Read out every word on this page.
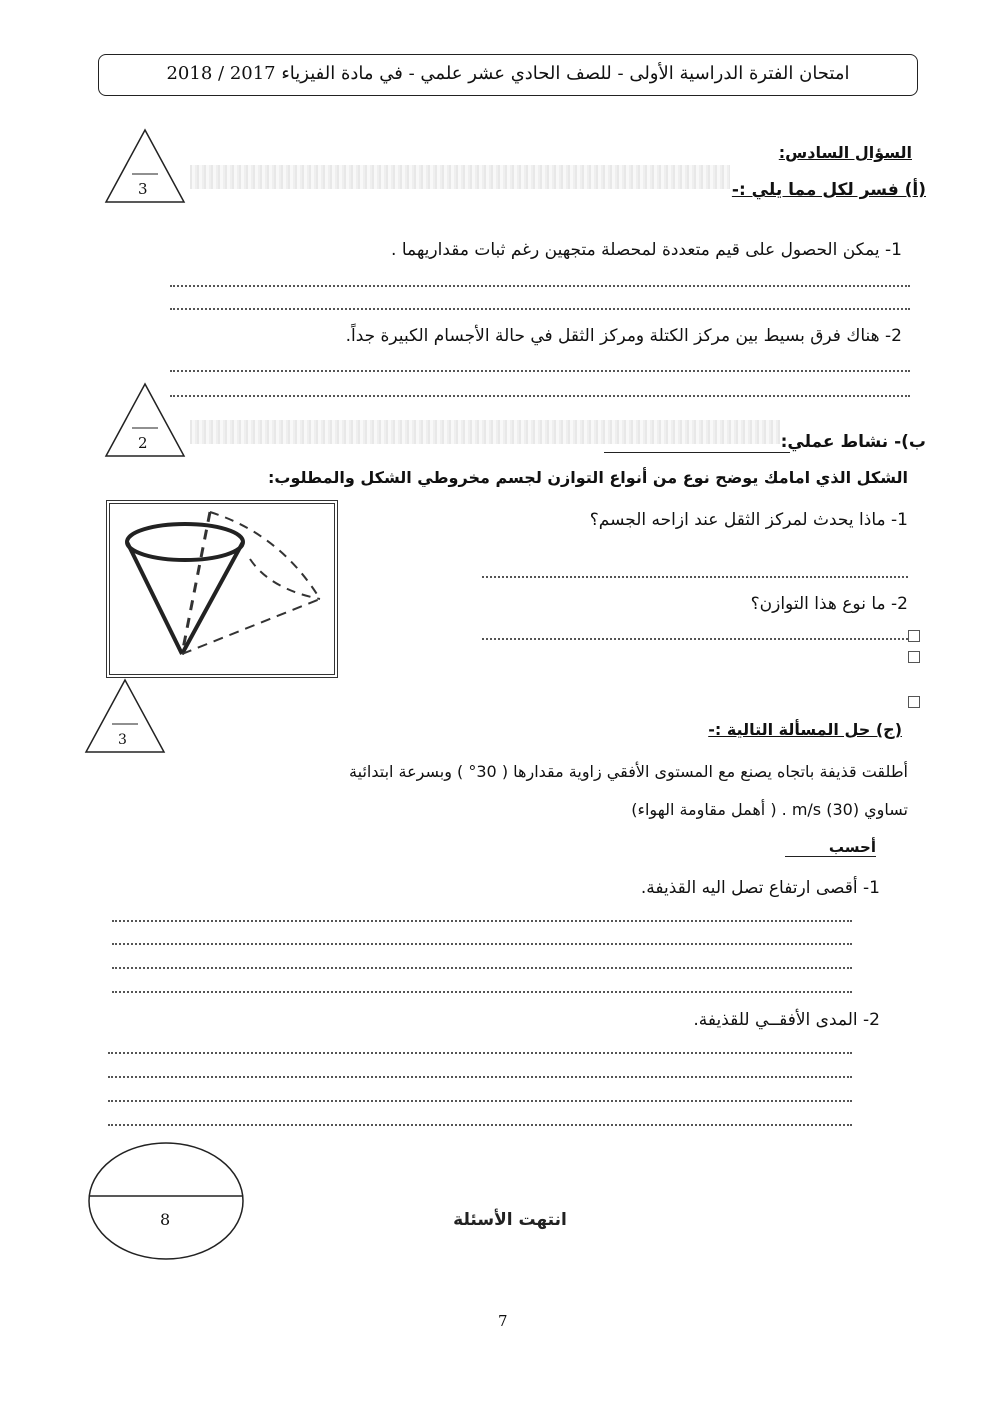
امتحان الفترة الدراسية الأولى - للصف الحادي عشر علمي - في مادة الفيزياء 2017 / 2018
السؤال السادس:
(أ) فسر لكل مما يلي :-
3
1- يمكن الحصول على قيم متعددة لمحصلة متجهين رغم ثبات مقداريهما .
2- هناك فرق بسيط بين مركز الكتلة ومركز الثقل في حالة الأجسام الكبيرة جداً.
ب)- نشاط عملي:
2
الشكل الذي امامك يوضح نوع من أنواع التوازن لجسم مخروطي الشكل والمطلوب:
1- ماذا يحدث لمركز الثقل عند ازاحه الجسم؟
2- ما نوع هذا التوازن؟
3
(ج) حل المسألة التالية :-
أطلقت قذيفة باتجاه يصنع مع المستوى الأفقي زاوية مقدارها ( 30° ) وبسرعة ابتدائية
تساوي m/s (30) . ( أهمل مقاومة الهواء)
أحسب
1- أقصى ارتفاع تصل اليه القذيفة.
2- المدى الأفقــي للقذيفة.
8	انتهت الأسئلة
7
